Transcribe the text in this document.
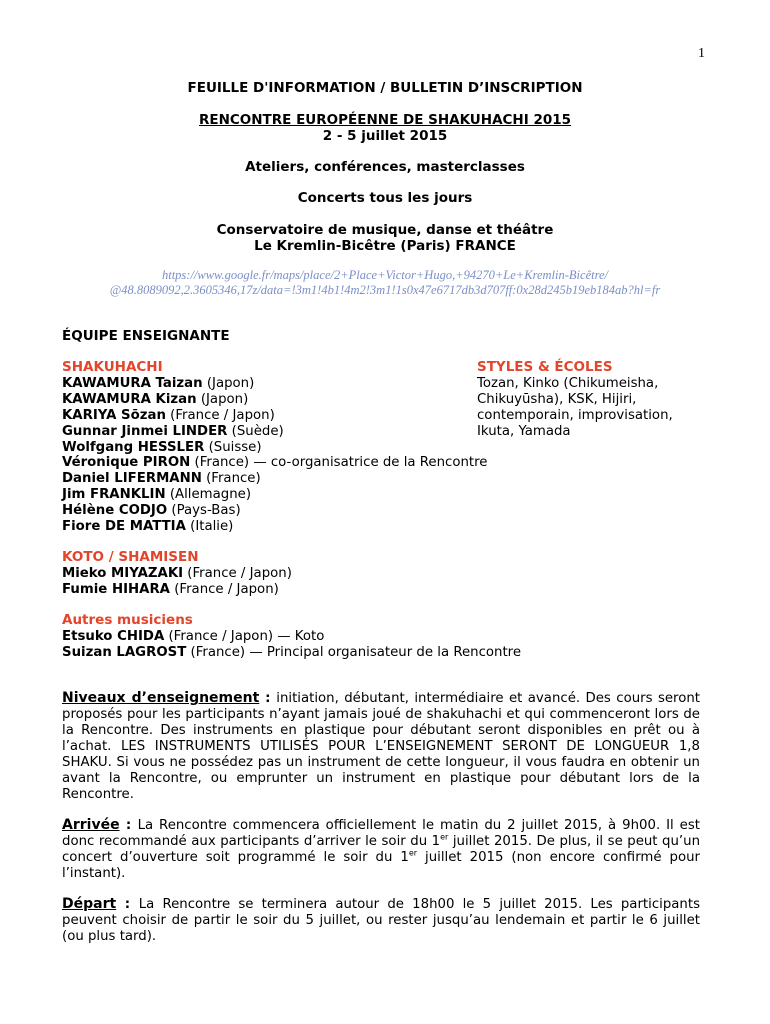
1
FEUILLE D'INFORMATION / BULLETIN D’INSCRIPTION
RENCONTRE EUROPÉENNE DE SHAKUHACHI 2015
2 - 5 juillet 2015
Ateliers, conférences, masterclasses
Concerts tous les jours
Conservatoire de musique, danse et théâtre
Le Kremlin-Bicêtre (Paris) FRANCE
https://www.google.fr/maps/place/2+Place+Victor+Hugo,+94270+Le+Kremlin-Bicêtre/
@48.8089092,2.3605346,17z/data=!3m1!4b1!4m2!3m1!1s0x47e6717db3d707ff:0x28d245b19eb184ab?hl=fr
ÉQUIPE ENSEIGNANTE
SHAKUHACHI
KAWAMURA Taizan (Japon)
KAWAMURA Kizan (Japon)
KARIYA Sōzan (France / Japon)
Gunnar Jinmei LINDER (Suède)
Wolfgang HESSLER (Suisse)
Véronique PIRON (France) — co-organisatrice de la Rencontre
Daniel LIFERMANN (France)
Jim FRANKLIN (Allemagne)
Hélène CODJO (Pays-Bas)
Fiore DE MATTIA (Italie)
KOTO / SHAMISEN
Mieko MIYAZAKI (France / Japon)
Fumie HIHARA (France / Japon)
Autres musiciens
Etsuko CHIDA (France / Japon) — Koto
Suizan LAGROST (France) — Principal organisateur de la Rencontre
STYLES & ÉCOLES
Tozan, Kinko (Chikumeisha,
Chikuyūsha), KSK, Hijiri,
contemporain, improvisation,
Ikuta, Yamada
Niveaux d’enseignement : initiation, débutant, intermédiaire et avancé. Des cours seront proposés pour les participants n’ayant jamais joué de shakuhachi et qui commenceront lors de la Rencontre. Des instruments en plastique pour débutant seront disponibles en prêt ou à l’achat. LES INSTRUMENTS UTILISÉS POUR L’ENSEIGNEMENT SERONT DE LONGUEUR 1,8 SHAKU. Si vous ne possédez pas un instrument de cette longueur, il vous faudra en obtenir un avant la Rencontre, ou emprunter un instrument en plastique pour débutant lors de la Rencontre.
Arrivée : La Rencontre commencera officiellement le matin du 2 juillet 2015, à 9h00. Il est donc recommandé aux participants d’arriver le soir du 1er juillet 2015. De plus, il se peut qu’un concert d’ouverture soit programmé le soir du 1er juillet 2015 (non encore confirmé pour l’instant).
Départ : La Rencontre se terminera autour de 18h00 le 5 juillet 2015. Les participants peuvent choisir de partir le soir du 5 juillet, ou rester jusqu’au lendemain et partir le 6 juillet (ou plus tard).
